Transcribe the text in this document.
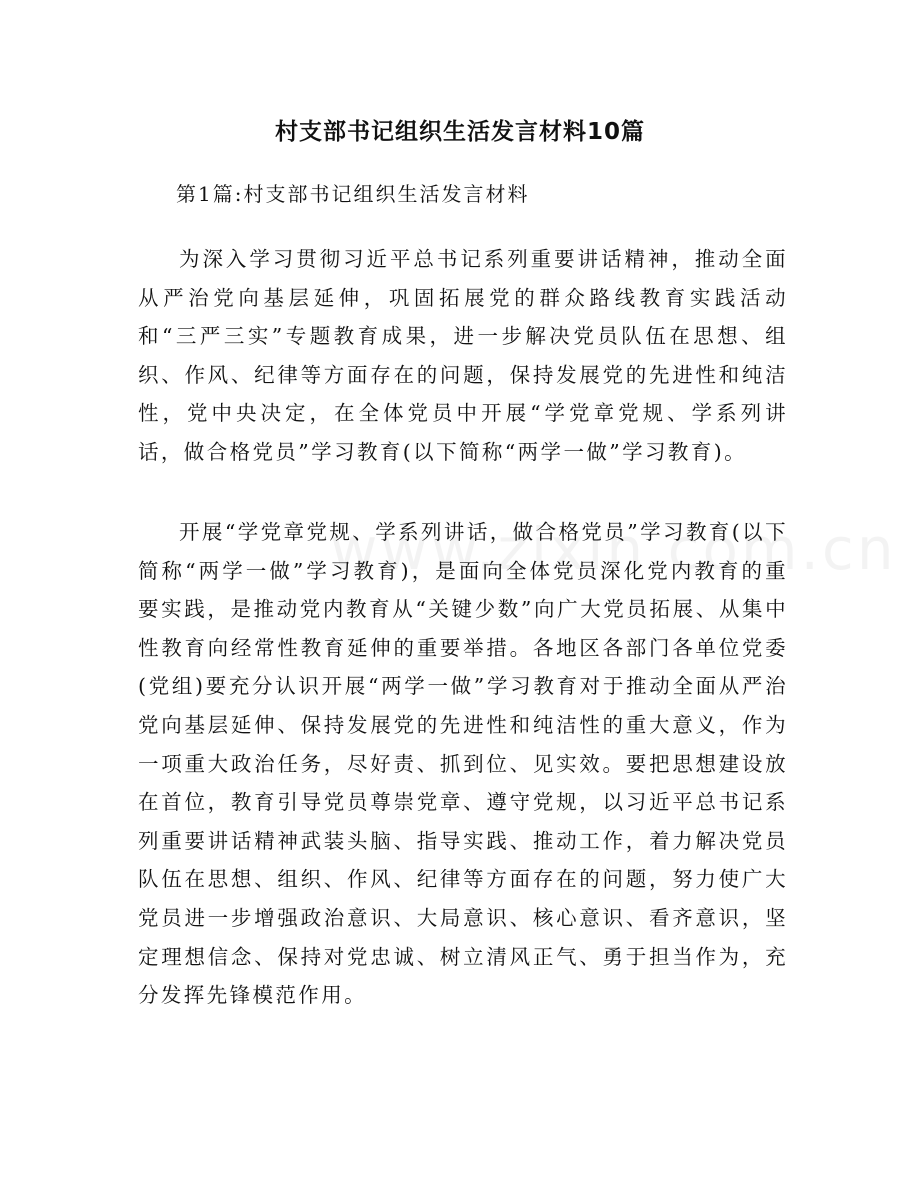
村支部书记组织生活发言材料10篇

第1篇:村支部书记组织生活发言材料

为深入学习贯彻习近平总书记系列重要讲话精神，推动全面从严治党向基层延伸，巩固拓展党的群众路线教育实践活动和“三严三实”专题教育成果，进一步解决党员队伍在思想、组织、作风、纪律等方面存在的问题，保持发展党的先进性和纯洁性，党中央决定，在全体党员中开展“学党章党规、学系列讲话，做合格党员”学习教育(以下简称“两学一做”学习教育)。

开展“学党章党规、学系列讲话，做合格党员”学习教育(以下简称“两学一做”学习教育)，是面向全体党员深化党内教育的重要实践，是推动党内教育从“关键少数”向广大党员拓展、从集中性教育向经常性教育延伸的重要举措。各地区各部门各单位党委(党组)要充分认识开展“两学一做”学习教育对于推动全面从严治党向基层延伸、保持发展党的先进性和纯洁性的重大意义，作为一项重大政治任务，尽好责、抓到位、见实效。要把思想建设放在首位，教育引导党员尊崇党章、遵守党规，以习近平总书记系列重要讲话精神武装头脑、指导实践、推动工作，着力解决党员队伍在思想、组织、作风、纪律等方面存在的问题，努力使广大党员进一步增强政治意识、大局意识、核心意识、看齐意识，坚定理想信念、保持对党忠诚、树立清风正气、勇于担当作为，充分发挥先锋模范作用。
